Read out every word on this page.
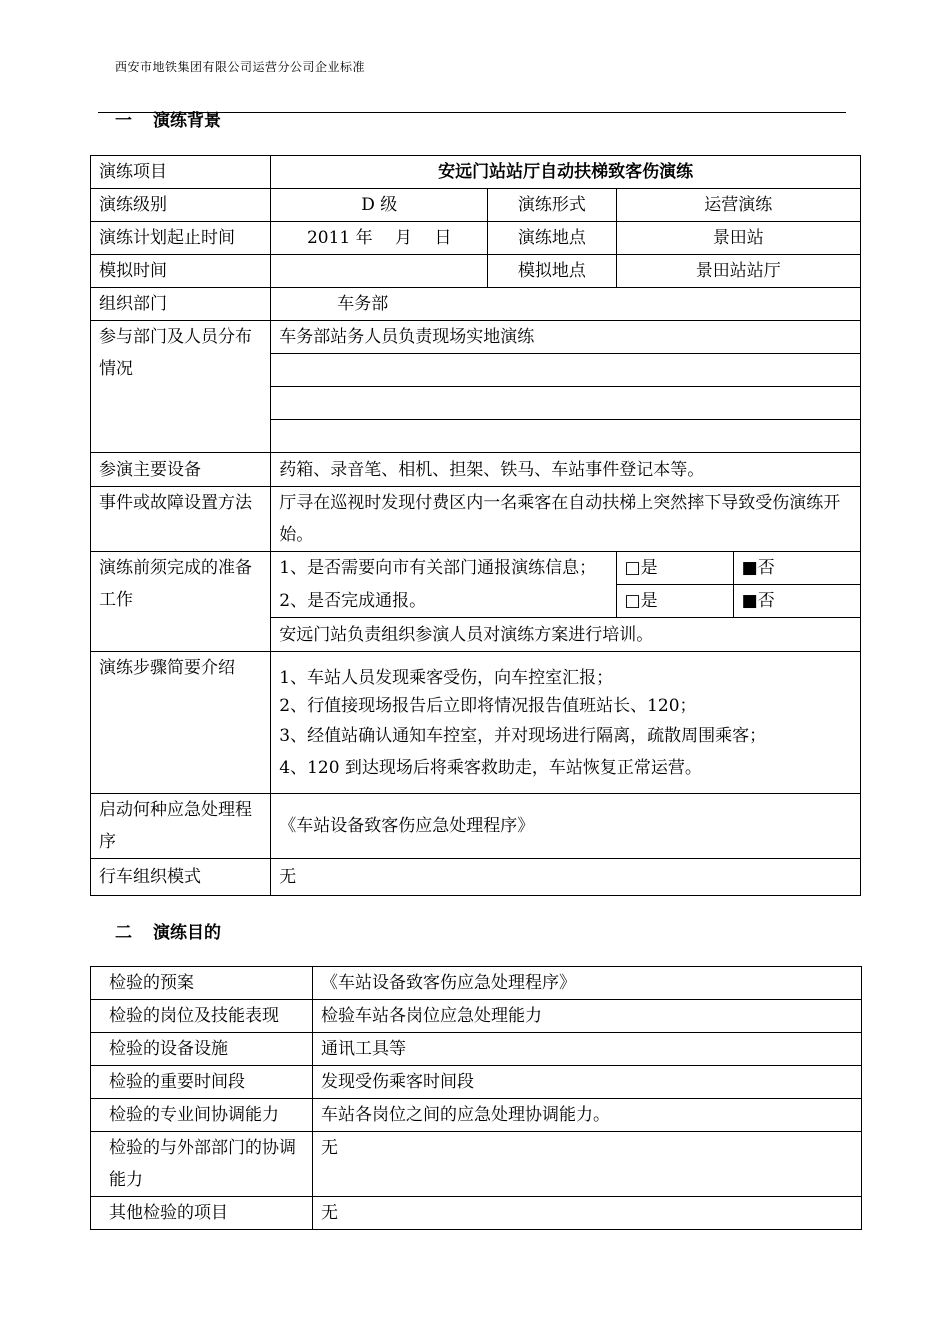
西安市地铁集团有限公司运营分公司企业标准
一 演练背景
演练项目	安远门站站厅自动扶梯致客伤演练			
演练级别	D 级	演练形式	运营演练	
演练计划起止时间	2011 年　 月　 日	演练地点	景田站	
模拟时间		模拟地点	景田站站厅	
组织部门	车务部			
参与部门及人员分布情况	车务部站务人员负责现场实地演练			

参演主要设备	药箱、录音笔、相机、担架、铁马、车站事件登记本等。			
事件或故障设置方法	厅寻在巡视时发现付费区内一名乘客在自动扶梯上突然摔下导致受伤演练开始。			
演练前须完成的准备工作	1、是否需要向市有关部门通报演练信息；		□是	■否
	2、是否完成通报。		□是	■否
	安远门站负责组织参演人员对演练方案进行培训。			
演练步骤简要介绍	1、车站人员发现乘客受伤，向车控室汇报；
2、行值接现场报告后立即将情况报告值班站长、120；
3、经值站确认通知车控室，并对现场进行隔离，疏散周围乘客；
4、120 到达现场后将乘客救助走，车站恢复正常运营。			

启动何种应急处理程序	《车站设备致客伤应急处理程序》			
行车组织模式	无			
二 演练目的
检验的预案	《车站设备致客伤应急处理程序》
检验的岗位及技能表现	检验车站各岗位应急处理能力
检验的设备设施	通讯工具等
检验的重要时间段	发现受伤乘客时间段
检验的专业间协调能力	车站各岗位之间的应急处理协调能力。
检验的与外部部门的协调能力	无
其他检验的项目	无
